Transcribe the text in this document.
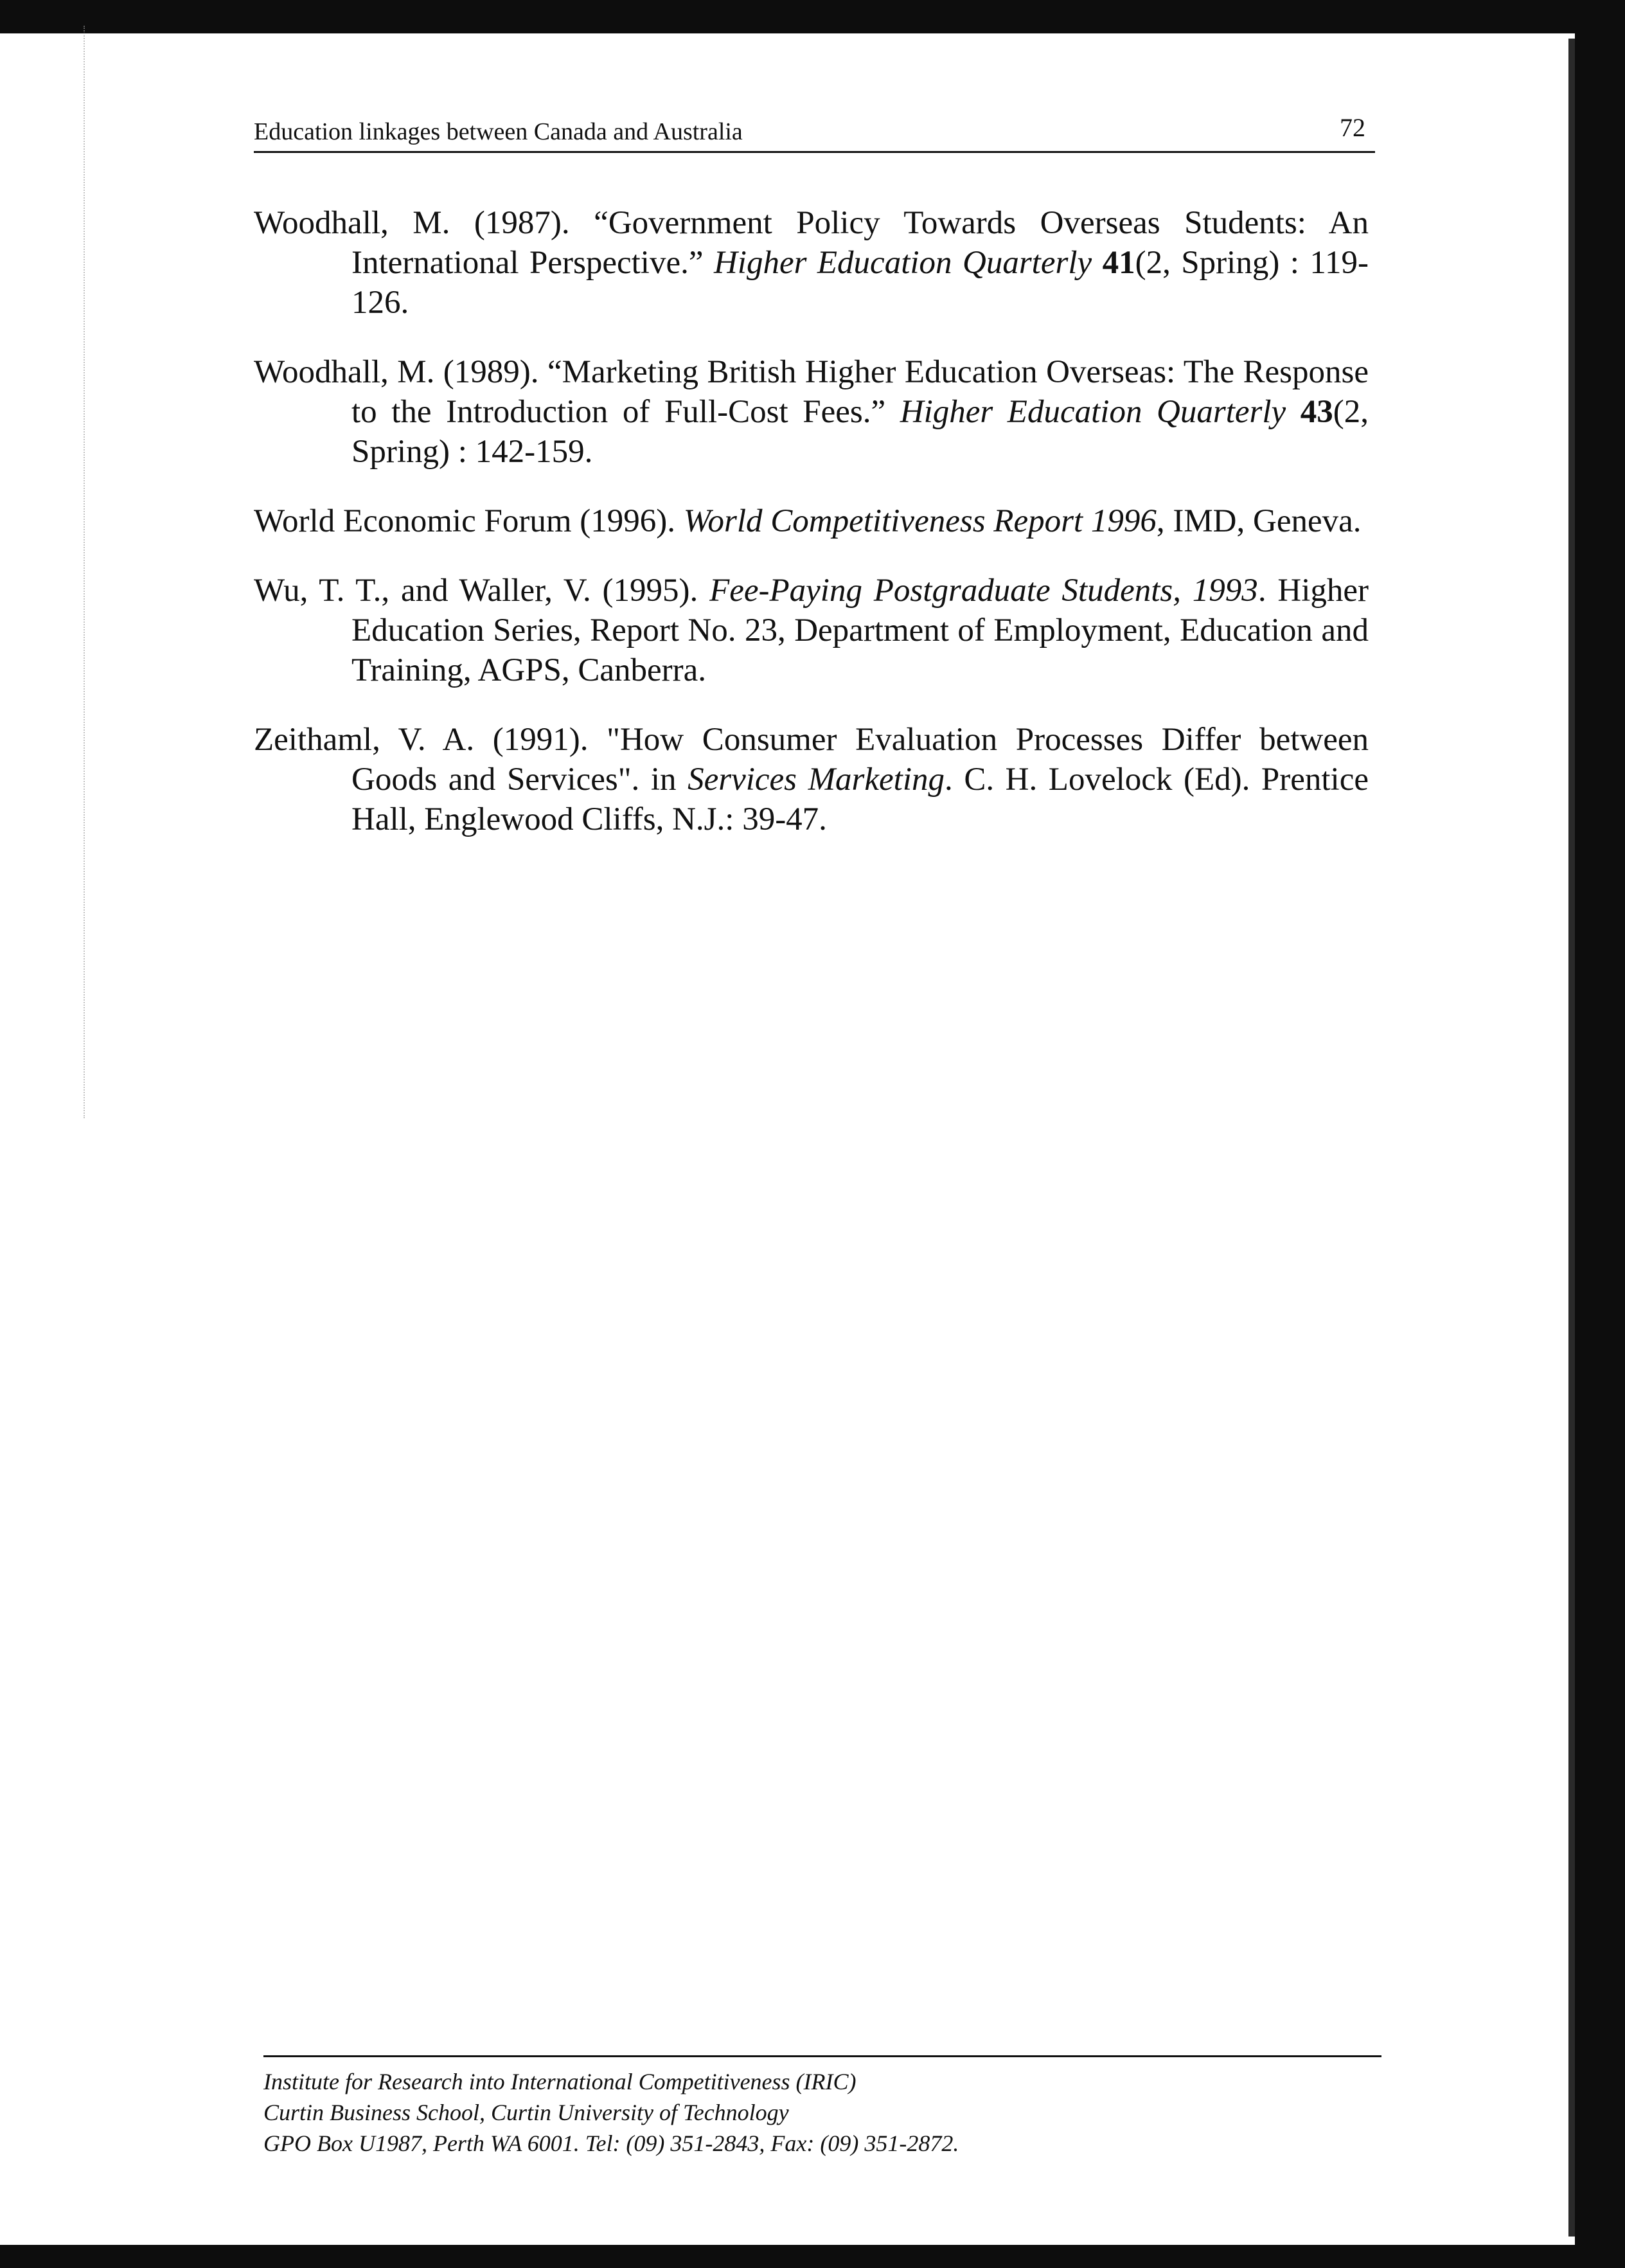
Education linkages between Canada and Australia	72

Woodhall, M. (1987). “Government Policy Towards Overseas Students: An International Perspective.” Higher Education Quarterly 41(2, Spring) : 119-126.

Woodhall, M. (1989). “Marketing British Higher Education Overseas: The Response to the Introduction of Full-Cost Fees.” Higher Education Quarterly 43(2, Spring) : 142-159.

World Economic Forum (1996). World Competitiveness Report 1996, IMD, Geneva.

Wu, T. T., and Waller, V. (1995). Fee-Paying Postgraduate Students, 1993. Higher Education Series, Report No. 23, Department of Employment, Education and Training, AGPS, Canberra.

Zeithaml, V. A. (1991). "How Consumer Evaluation Processes Differ between Goods and Services". in Services Marketing. C. H. Lovelock (Ed). Prentice Hall, Englewood Cliffs, N.J.: 39-47.

Institute for Research into International Competitiveness (IRIC)
Curtin Business School, Curtin University of Technology
GPO Box U1987, Perth WA 6001. Tel: (09) 351-2843, Fax: (09) 351-2872.
